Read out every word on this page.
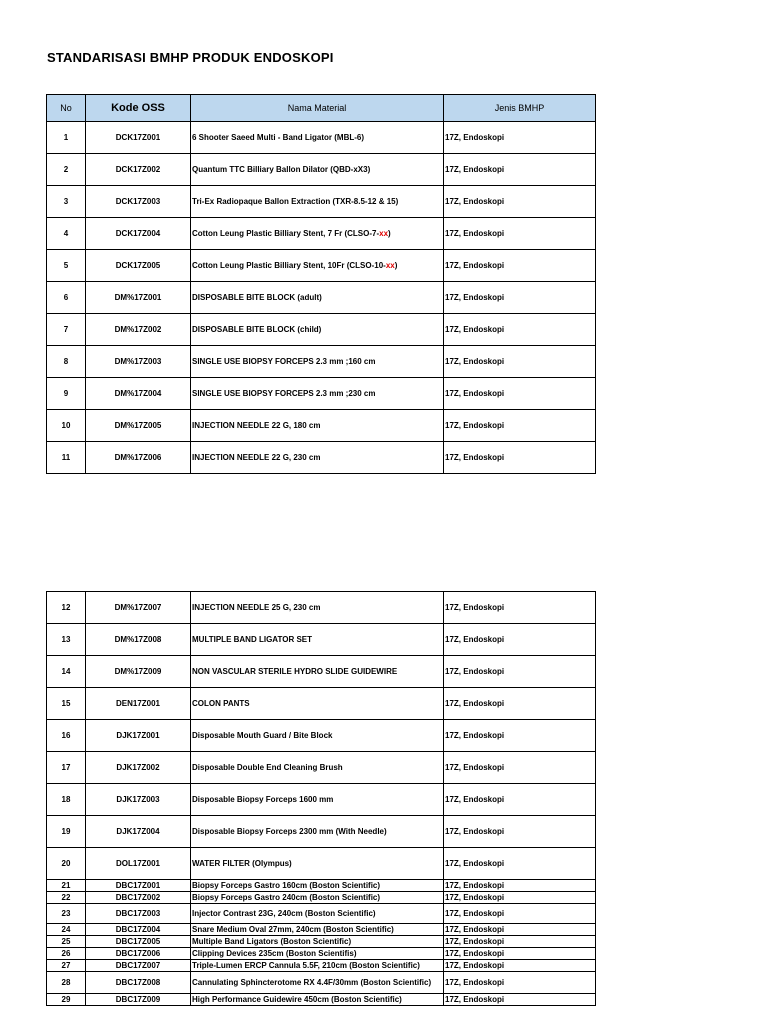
STANDARISASI BMHP PRODUK ENDOSKOPI
No	Kode OSS	Nama Material	Jenis BMHP
1	DCK17Z001	6 Shooter Saeed Multi - Band Ligator (MBL-6)	17Z, Endoskopi
2	DCK17Z002	Quantum TTC Billiary Ballon Dilator (QBD-xX3)	17Z, Endoskopi
3	DCK17Z003	Tri-Ex Radiopaque Ballon Extraction (TXR-8.5-12 & 15)	17Z, Endoskopi
4	DCK17Z004	Cotton Leung Plastic Billiary Stent, 7 Fr (CLSO-7-xx)	17Z, Endoskopi
5	DCK17Z005	Cotton Leung Plastic Billiary Stent, 10Fr (CLSO-10-xx)	17Z, Endoskopi
6	DM%17Z001	DISPOSABLE BITE BLOCK (adult)	17Z, Endoskopi
7	DM%17Z002	DISPOSABLE BITE BLOCK (child)	17Z, Endoskopi
8	DM%17Z003	SINGLE USE BIOPSY FORCEPS 2.3 mm ;160 cm	17Z, Endoskopi
9	DM%17Z004	SINGLE USE BIOPSY FORCEPS 2.3 mm ;230 cm	17Z, Endoskopi
10	DM%17Z005	INJECTION NEEDLE 22 G, 180 cm	17Z, Endoskopi
11	DM%17Z006	INJECTION NEEDLE 22 G, 230 cm	17Z, Endoskopi
12	DM%17Z007	INJECTION NEEDLE 25 G, 230 cm	17Z, Endoskopi
13	DM%17Z008	MULTIPLE BAND LIGATOR SET	17Z, Endoskopi
14	DM%17Z009	NON VASCULAR STERILE HYDRO SLIDE GUIDEWIRE	17Z, Endoskopi
15	DEN17Z001	COLON PANTS	17Z, Endoskopi
16	DJK17Z001	Disposable Mouth Guard / Bite Block	17Z, Endoskopi
17	DJK17Z002	Disposable Double End Cleaning Brush	17Z, Endoskopi
18	DJK17Z003	Disposable Biopsy Forceps 1600 mm	17Z, Endoskopi
19	DJK17Z004	Disposable Biopsy Forceps 2300 mm (With Needle)	17Z, Endoskopi
20	DOL17Z001	WATER FILTER (Olympus)	17Z, Endoskopi
21	DBC17Z001	Biopsy Forceps Gastro 160cm (Boston Scientific)	17Z, Endoskopi
22	DBC17Z002	Biopsy Forceps Gastro 240cm (Boston Scientific)	17Z, Endoskopi
23	DBC17Z003	Injector Contrast 23G, 240cm (Boston Scientific)	17Z, Endoskopi
24	DBC17Z004	Snare Medium Oval 27mm, 240cm (Boston Scientific)	17Z, Endoskopi
25	DBC17Z005	Multiple Band Ligators (Boston Scientific)	17Z, Endoskopi
26	DBC17Z006	Clipping Devices 235cm (Boston Scientifis)	17Z, Endoskopi
27	DBC17Z007	Triple-Lumen ERCP Cannula 5.5F, 210cm (Boston Scientific)	17Z, Endoskopi
28	DBC17Z008	Cannulating Sphincterotome RX 4.4F/30mm (Boston Scientific)	17Z, Endoskopi
29	DBC17Z009	High Performance Guidewire 450cm (Boston Scientific)	17Z, Endoskopi
